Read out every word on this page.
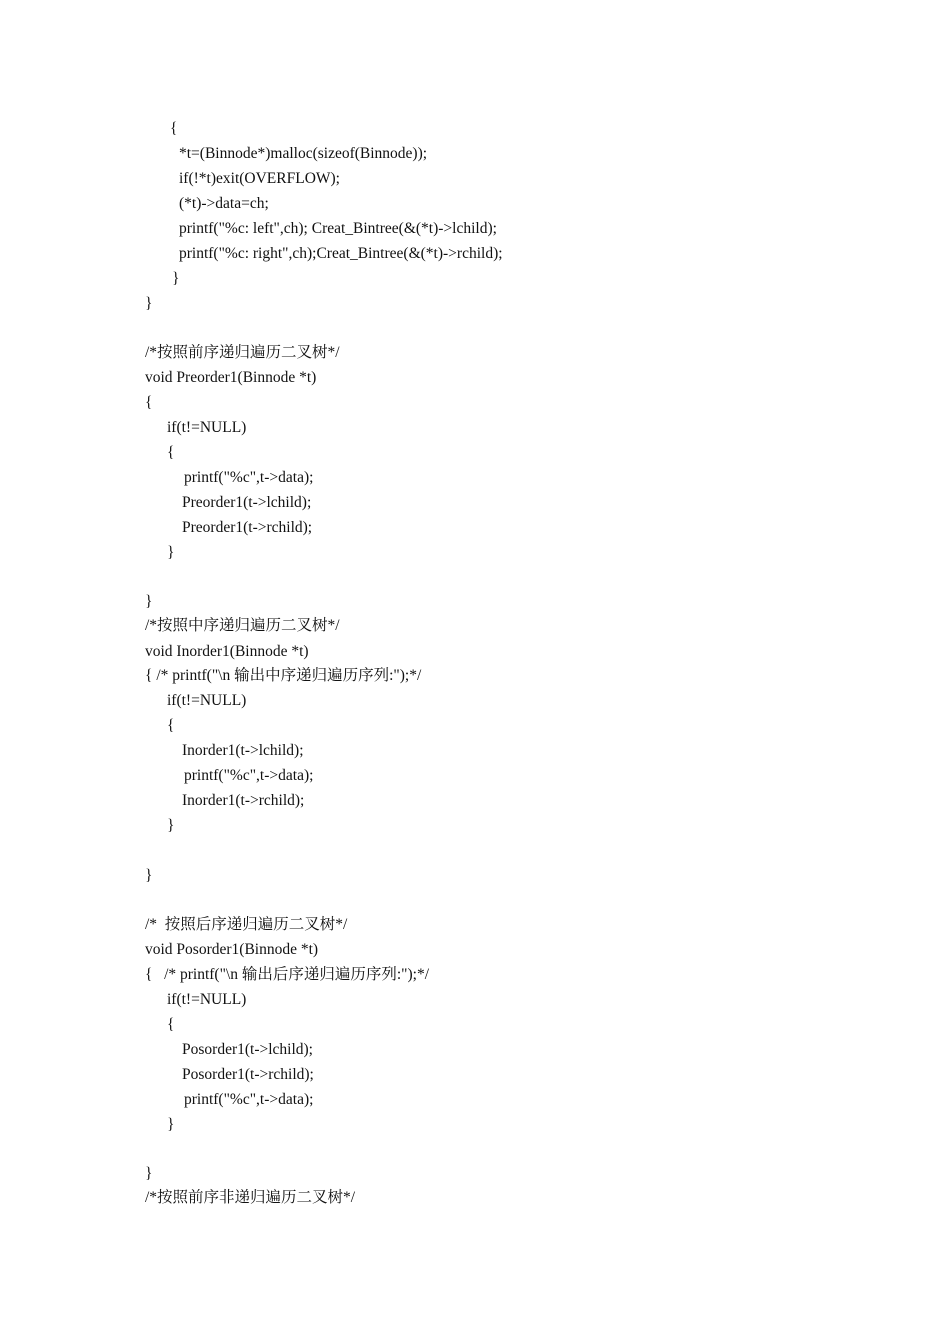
{
*t=(Binnode*)malloc(sizeof(Binnode));
if(!*t)exit(OVERFLOW);
(*t)->data=ch;
printf("%c: left",ch); Creat_Bintree(&(*t)->lchild);
printf("%c: right",ch);Creat_Bintree(&(*t)->rchild);
}
}
/*按照前序递归遍历二叉树*/
void Preorder1(Binnode *t)
{
if(t!=NULL)
{
printf("%c",t->data);
Preorder1(t->lchild);
Preorder1(t->rchild);
}
}
/*按照中序递归遍历二叉树*/
void Inorder1(Binnode *t)
{ /* printf("\n 输出中序递归遍历序列:");*/
if(t!=NULL)
{
Inorder1(t->lchild);
printf("%c",t->data);
Inorder1(t->rchild);
}
}
/*  按照后序递归遍历二叉树*/
void Posorder1(Binnode *t)
{   /* printf("\n 输出后序递归遍历序列:");*/
if(t!=NULL)
{
Posorder1(t->lchild);
Posorder1(t->rchild);
printf("%c",t->data);
}
}
/*按照前序非递归遍历二叉树*/
